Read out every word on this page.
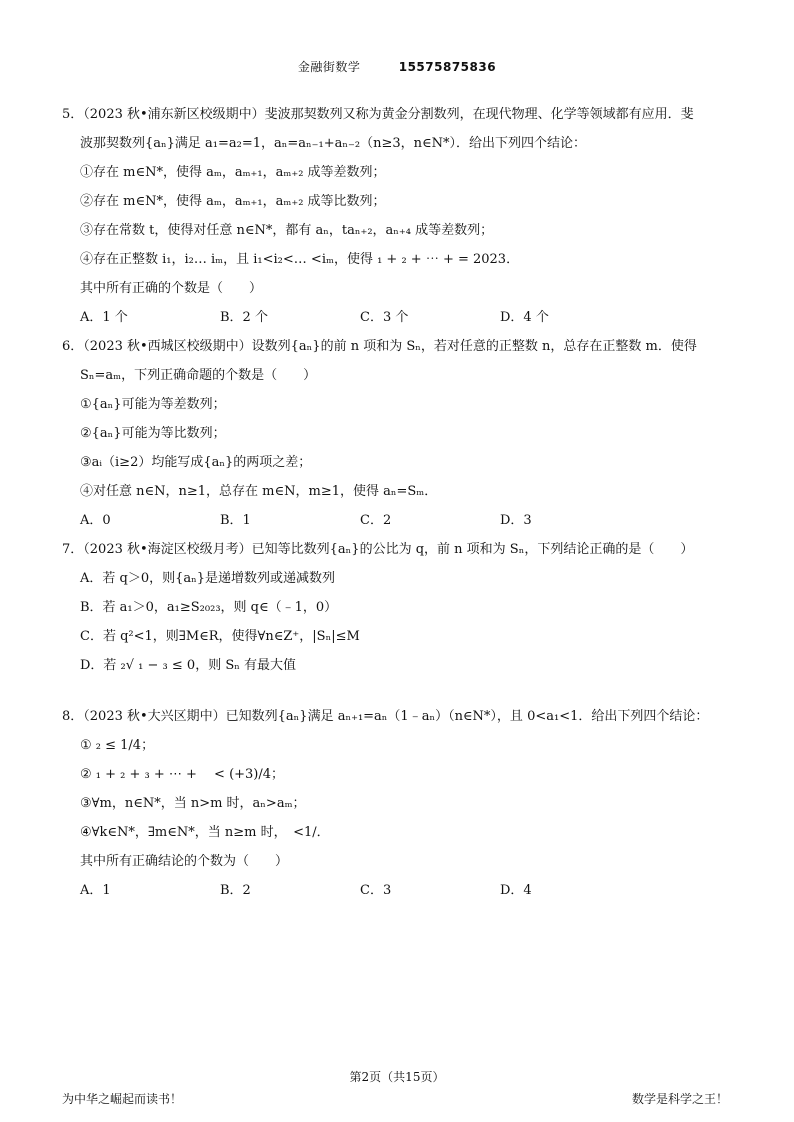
金融街数学	15575875836
5．（2023 秋•浦东新区校级期中）斐波那契数列又称为黄金分割数列，在现代物理、化学等领域都有应用．斐
波那契数列{aₙ}满足 a₁=a₂=1，aₙ=aₙ₋₁+aₙ₋₂（n≥3，n∈N*）．给出下列四个结论：
①存在 m∈N*，使得 aₘ，aₘ₊₁，aₘ₊₂ 成等差数列；
②存在 m∈N*，使得 aₘ，aₘ₊₁，aₘ₊₂ 成等比数列；
③存在常数 t，使得对任意 n∈N*，都有 aₙ，taₙ₊₂，aₙ₊₄ 成等差数列；
④存在正整数 i₁，i₂… iₘ，且 i₁<i₂<… <iₘ，使得 ₁ + ₂ + ⋯ + = 2023．
其中所有正确的个数是（　　）
A．1 个	B．2 个	C．3 个	D．4 个
6．（2023 秋•西城区校级期中）设数列{aₙ}的前 n 项和为 Sₙ，若对任意的正整数 n，总存在正整数 m．使得
Sₙ=aₘ，下列正确命题的个数是（　　）
①{aₙ}可能为等差数列；
②{aₙ}可能为等比数列；
③aᵢ（i≥2）均能写成{aₙ}的两项之差；
④对任意 n∈N，n≥1，总存在 m∈N，m≥1，使得 aₙ=Sₘ．
A．0	B．1	C．2	D．3
7．（2023 秋•海淀区校级月考）已知等比数列{aₙ}的公比为 q，前 n 项和为 Sₙ，下列结论正确的是（　　）
A．若 q＞0，则{aₙ}是递增数列或递减数列
B．若 a₁＞0，a₁≥S₂₀₂₃，则 q∈（﹣1，0）
C．若 q²<1，则∃M∈R，使得∀n∈Z⁺，|Sₙ|≤M
D．若 ₂√ ₁ − ₃ ≤ 0，则 Sₙ 有最大值
8．（2023 秋•大兴区期中）已知数列{aₙ}满足 aₙ₊₁=aₙ（1﹣aₙ）（n∈N*），且 0<a₁<1．给出下列四个结论：
① ₂ ≤ 1/4；
② ₁ + ₂ + ₃ + ⋯ + 　< (+3)/4；
③∀m，n∈N*，当 n>m 时，aₙ>aₘ；
④∀k∈N*，∃m∈N*，当 n≥m 时，　<1/．
其中所有正确结论的个数为（　　）
A．1	B．2	C．3	D．4
第2页（共15页）
为中华之崛起而读书！	数学是科学之王！
